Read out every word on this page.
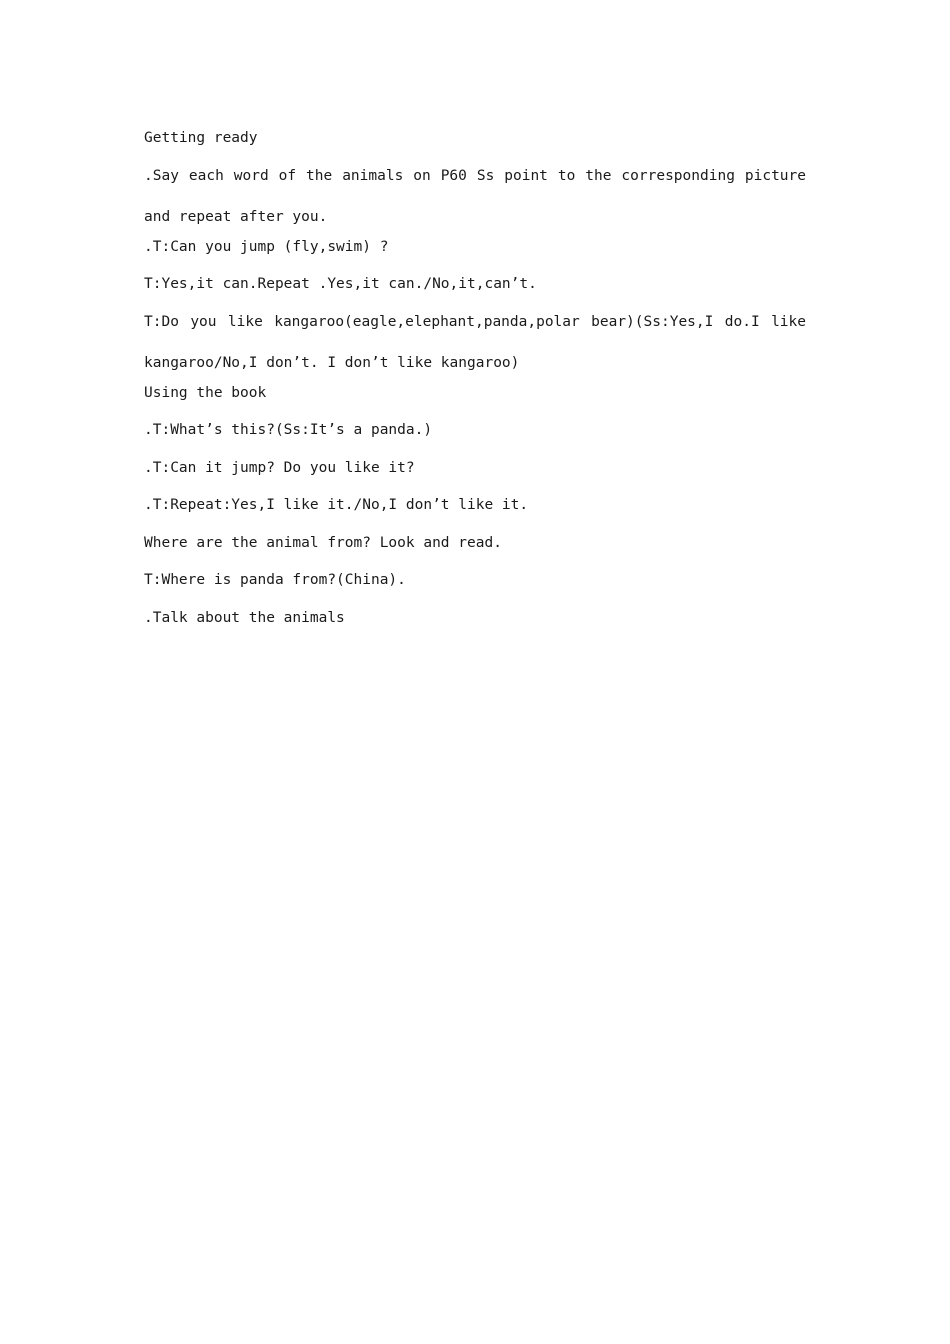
Getting ready
.Say each word of the animals on P60 Ss point to the corresponding picture and repeat after you.
.T:Can you jump (fly,swim) ?
T:Yes,it can.Repeat .Yes,it can./No,it,can’t.
T:Do you like kangaroo(eagle,elephant,panda,polar bear)(Ss:Yes,I do.I like kangaroo/No,I don’t. I don’t like kangaroo)
Using the book
.T:What’s this?(Ss:It’s a panda.)
.T:Can it jump? Do you like it?
.T:Repeat:Yes,I like it./No,I don’t like it.
Where are the animal from? Look and read.
T:Where is panda from?(China).
.Talk about the animals
